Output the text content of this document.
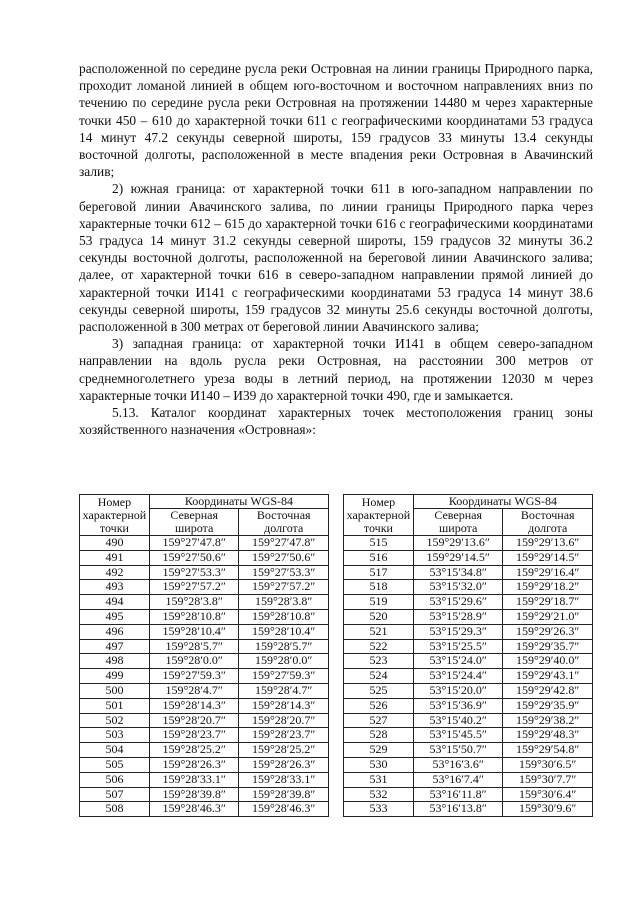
расположенной по середине русла реки Островная на линии границы Природного парка, проходит ломаной линией в общем юго-восточном и восточном направлениях вниз по течению по середине русла реки Островная на протяжении 14480 м через характерные точки 450 – 610 до характерной точки 611 с географическими координатами 53 градуса 14 минут 47.2 секунды северной широты, 159 градусов 33 минуты 13.4 секунды восточной долготы, расположенной в месте впадения реки Островная в Авачинский залив;

2) южная граница: от характерной точки 611 в юго-западном направлении по береговой линии Авачинского залива, по линии границы Природного парка через характерные точки 612 – 615 до характерной точки 616 с географическими координатами 53 градуса 14 минут 31.2 секунды северной широты, 159 градусов 32 минуты 36.2 секунды восточной долготы, расположенной на береговой линии Авачинского залива; далее, от характерной точки 616 в северо-западном направлении прямой линией до характерной точки И141 с географическими координатами 53 градуса 14 минут 38.6 секунды северной широты, 159 градусов 32 минуты 25.6 секунды восточной долготы, расположенной в 300 метрах от береговой линии Авачинского залива;

3) западная граница: от характерной точки И141 в общем северо-западном направлении на вдоль русла реки Островная, на расстоянии 300 метров от среднемноголетнего уреза воды в летний период, на протяжении 12030 м через характерные точки И140 – И39 до характерной точки 490, где и замыкается.

5.13. Каталог координат характерных точек местоположения границ зоны хозяйственного назначения «Островная»:

Номер характерной точки	Координаты WGS-84	
	Северная широта	Восточная долгота
490	159°27′47.8″	159°27′47.8″
491	159°27′50.6″	159°27′50.6″
492	159°27′53.3″	159°27′53.3″
493	159°27′57.2″	159°27′57.2″
494	159°28′3.8″	159°28′3.8″
495	159°28′10.8″	159°28′10.8″
496	159°28′10.4″	159°28′10.4″
497	159°28′5.7″	159°28′5.7″
498	159°28′0.0″	159°28′0.0″
499	159°27′59.3″	159°27′59.3″
500	159°28′4.7″	159°28′4.7″
501	159°28′14.3″	159°28′14.3″
502	159°28′20.7″	159°28′20.7″
503	159°28′23.7″	159°28′23.7″
504	159°28′25.2″	159°28′25.2″
505	159°28′26.3″	159°28′26.3″
506	159°28′33.1″	159°28′33.1″
507	159°28′39.8″	159°28′39.8″
508	159°28′46.3″	159°28′46.3″
Номер характерной точки	Координаты WGS-84	
	Северная широта	Восточная долгота
515	159°29′13.6″	159°29′13.6″
516	159°29′14.5″	159°29′14.5″
517	53°15′34.8″	159°29′16.4″
518	53°15′32.0″	159°29′18.2″
519	53°15′29.6″	159°29′18.7″
520	53°15′28.9″	159°29′21.0″
521	53°15′29.3″	159°29′26.3″
522	53°15′25.5″	159°29′35.7″
523	53°15′24.0″	159°29′40.0″
524	53°15′24.4″	159°29′43.1″
525	53°15′20.0″	159°29′42.8″
526	53°15′36.9″	159°29′35.9″
527	53°15′40.2″	159°29′38.2″
528	53°15′45.5″	159°29′48.3″
529	53°15′50.7″	159°29′54.8″
530	53°16′3.6″	159°30′6.5″
531	53°16′7.4″	159°30′7.7″
532	53°16′11.8″	159°30′6.4″
533	53°16′13.8″	159°30′9.6″
